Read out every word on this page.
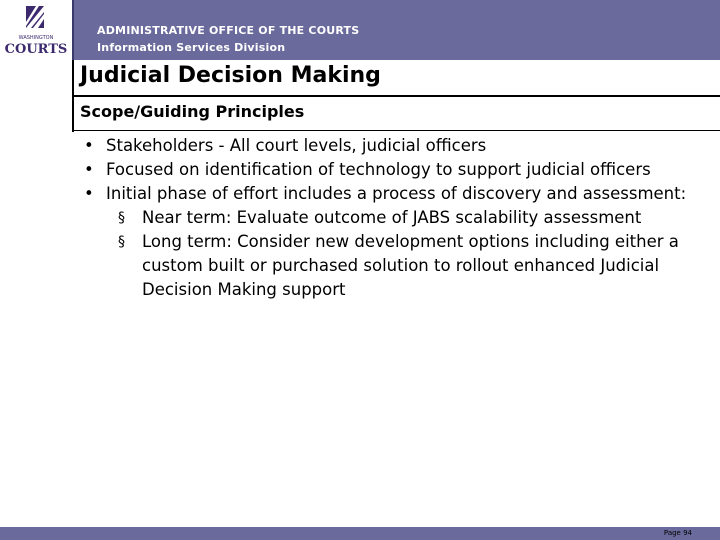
WASHINGTON
COURTS
ADMINISTRATIVE OFFICE OF THE COURTS
Information Services Division
Judicial Decision Making
Scope/Guiding Principles
• Stakeholders - All court levels, judicial officers
• Focused on identification of technology to support judicial officers
• Initial phase of effort includes a process of discovery and assessment:
§ Near term: Evaluate outcome of JABS scalability assessment
§ Long term: Consider new development options including either a custom built or purchased solution to rollout enhanced Judicial Decision Making support
Page 94
